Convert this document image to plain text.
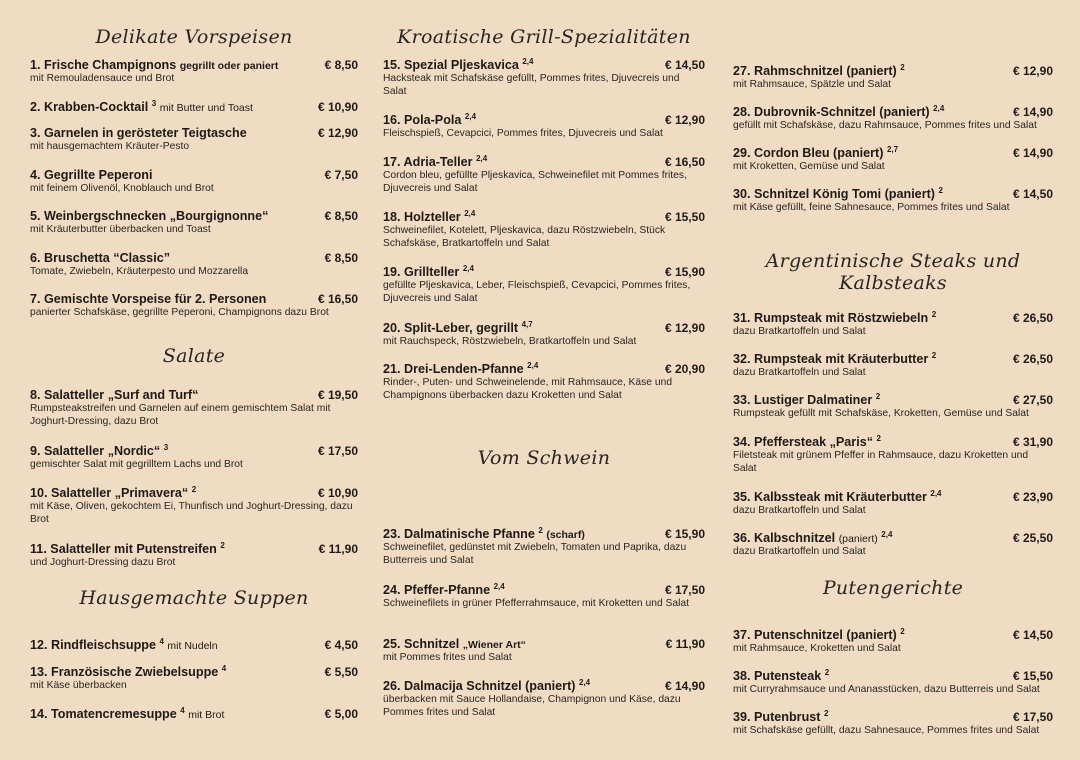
Delikate Vorspeisen
1. Frische Champignons gegrillt oder paniert	€ 8,50
mit Remouladensauce und Brot
2. Krabben-Cocktail $^3$ mit Butter und Toast	€ 10,90
3. Garnelen in gerösteter Teigtasche	€ 12,90
mit hausgemachtem Kräuter-Pesto
4. Gegrillte Peperoni	€ 7,50
mit feinem Olivenöl, Knoblauch und Brot
5. Weinbergschnecken „Bourgignonne“	€ 8,50
mit Kräuterbutter überbacken und Toast
6. Bruschetta “Classic”	€ 8,50
Tomate, Zwiebeln, Kräuterpesto und Mozzarella
7. Gemischte Vorspeise für 2. Personen	€ 16,50
panierter Schafskäse, gegrillte Peperoni, Champignons dazu Brot
Salate
8. Salatteller „Surf and Turf“	€ 19,50
Rumpsteakstreifen und Garnelen auf einem gemischtem Salat mit Joghurt-Dressing, dazu Brot
9. Salatteller „Nordic“ $^3$	€ 17,50
gemischter Salat mit gegrilltem Lachs und Brot
10. Salatteller „Primavera“ $^2$	€ 10,90
mit Käse, Oliven, gekochtem Ei, Thunfisch und Joghurt-Dressing, dazu Brot
11. Salatteller mit Putenstreifen $^2$	€ 11,90
und Joghurt-Dressing dazu Brot
Hausgemachte Suppen
12. Rindfleischsuppe $^4$ mit Nudeln	€ 4,50
13. Französische Zwiebelsuppe $^4$	€ 5,50
mit Käse überbacken
14. Tomatencremesuppe $^4$ mit Brot	€ 5,00
Kroatische Grill-Spezialitäten
15. Spezial Pljeskavica $^{2,4}$	€ 14,50
Hacksteak mit Schafskäse gefüllt, Pommes frites, Djuvecreis und Salat
16. Pola-Pola $^{2,4}$	€ 12,90
Fleischspieß, Cevapcici, Pommes frites, Djuvecreis und Salat
17. Adria-Teller $^{2,4}$	€ 16,50
Cordon bleu, gefüllte Pljeskavica, Schweinefilet mit Pommes frites, Djuvecreis und Salat
18. Holzteller $^{2,4}$	€ 15,50
Schweinefilet, Kotelett, Pljeskavica, dazu Röstzwiebeln, Stück Schafskäse, Bratkartoffeln und Salat
19. Grillteller $^{2,4}$	€ 15,90
gefüllte Pljeskavica, Leber, Fleischspieß, Cevapcici, Pommes frites, Djuvecreis und Salat
20. Split-Leber, gegrillt $^{4,7}$	€ 12,90
mit Rauchspeck, Röstzwiebeln, Bratkartoffeln und Salat
21. Drei-Lenden-Pfanne $^{2,4}$	€ 20,90
Rinder-, Puten- und Schweinelende, mit Rahmsauce, Käse und Champignons überbacken dazu Kroketten und Salat
Vom Schwein
23. Dalmatinische Pfanne $^2$ (scharf)	€ 15,90
Schweinefilet, gedünstet mit Zwiebeln, Tomaten und Paprika, dazu Butterreis und Salat
24. Pfeffer-Pfanne $^{2,4}$	€ 17,50
Schweinefilets in grüner Pfefferrahmsauce, mit Kroketten und Salat
25. Schnitzel „Wiener Art“	€ 11,90
mit Pommes frites und Salat
26. Dalmacija Schnitzel (paniert) $^{2,4}$	€ 14,90
überbacken mit Sauce Hollandaise, Champignon und Käse, dazu Pommes frites und Salat
27. Rahmschnitzel (paniert) $^2$	€ 12,90
mit Rahmsauce, Spätzle und Salat
28. Dubrovnik-Schnitzel (paniert) $^{2,4}$	€ 14,90
gefüllt mit Schafskäse, dazu Rahmsauce, Pommes frites und Salat
29. Cordon Bleu (paniert) $^{2,7}$	€ 14,90
mit Kroketten, Gemüse und Salat
30. Schnitzel König Tomi (paniert) $^2$	€ 14,50
mit Käse gefüllt, feine Sahnesauce, Pommes frites und Salat
Argentinische Steaks und Kalbsteaks
31. Rumpsteak mit Röstzwiebeln $^2$	€ 26,50
dazu Bratkartoffeln und Salat
32. Rumpsteak mit Kräuterbutter $^2$	€ 26,50
dazu Bratkartoffeln und Salat
33. Lustiger Dalmatiner $^2$	€ 27,50
Rumpsteak gefüllt mit Schafskäse, Kroketten, Gemüse und Salat
34. Pfeffersteak „Paris“ $^2$	€ 31,90
Filetsteak mit grünem Pfeffer in Rahmsauce, dazu Kroketten und Salat
35. Kalbssteak mit Kräuterbutter $^{2,4}$	€ 23,90
dazu Bratkartoffeln und Salat
36. Kalbschnitzel (paniert) $^{2,4}$	€ 25,50
dazu Bratkartoffeln und Salat
Putengerichte
37. Putenschnitzel (paniert) $^2$	€ 14,50
mit Rahmsauce, Kroketten und Salat
38. Putensteak $^2$	€ 15,50
mit Curryrahmsauce und Ananasstücken, dazu Butterreis und Salat
39. Putenbrust $^2$	€ 17,50
mit Schafskäse gefüllt, dazu Sahnesauce, Pommes frites und Salat
